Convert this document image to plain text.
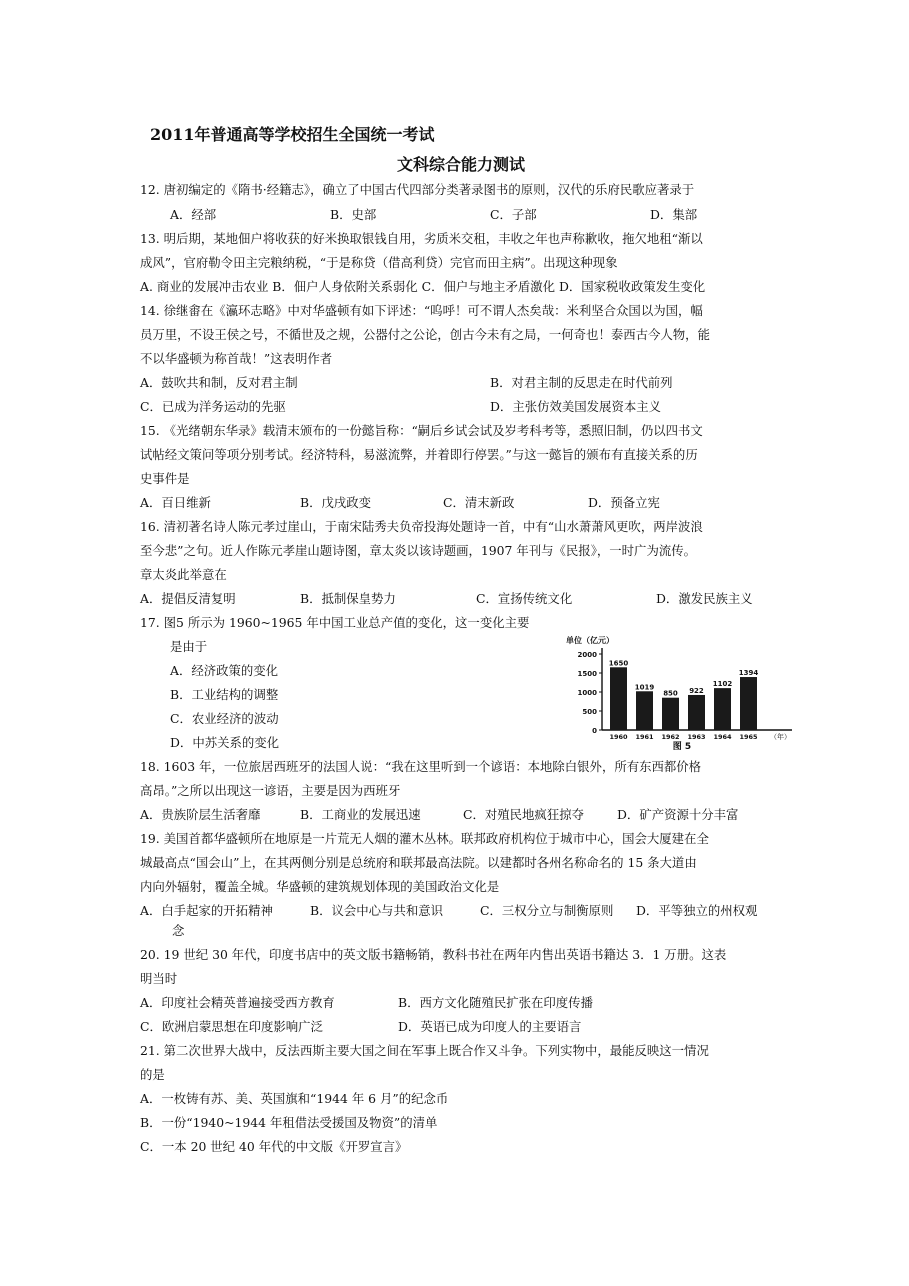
2011年普通高等学校招生全国统一考试
文科综合能力测试
12. 唐初编定的《隋书·经籍志》，确立了中国古代四部分类著录图书的原则，汉代的乐府民歌应著录于
A．经部	B．史部	C．子部	D．集部
13. 明后期，某地佃户将收获的好米换取银钱自用，劣质米交租，丰收之年也声称歉收，拖欠地租“渐以
成风”，官府勒令田主完粮纳税，“于是称贷（借高利贷）完官而田主病”。出现这种现象
A. 商业的发展冲击农业 B．佃户人身依附关系弱化 C．佃户与地主矛盾激化 D．国家税收政策发生变化
14. 徐继畬在《瀛环志略》中对华盛顿有如下评述：“呜呼！可不谓人杰矣哉：米利坚合众国以为国，幅
员万里，不设王侯之号，不循世及之规，公器付之公论，创古今未有之局，一何奇也！泰西古今人物，能
不以华盛顿为称首哉！”这表明作者
A．鼓吹共和制，反对君主制	B．对君主制的反思走在时代前列
C．已成为洋务运动的先驱	D．主张仿效美国发展资本主义
15. 《光绪朝东华录》载清末颁布的一份懿旨称：“嗣后乡试会试及岁考科考等，悉照旧制，仍以四书文
试帖经文策问等项分别考试。经济特科，易滋流弊，并着即行停罢。”与这一懿旨的颁布有直接关系的历
史事件是
A．百日维新	B．戊戌政变	C．清末新政	D．预备立宪
16. 清初著名诗人陈元孝过崖山，于南宋陆秀夫负帝投海处题诗一首，中有“山水萧萧风更吹，两岸波浪
至今悲”之句。近人作陈元孝崖山题诗图，章太炎以该诗题画，1907 年刊与《民报》，一时广为流传。
章太炎此举意在
A．提倡反清复明	B．抵制保皇势力	C．宣扬传统文化	D．激发民族主义
17. 图5 所示为 1960~1965 年中国工业总产值的变化，这一变化主要
是由于
A．经济政策的变化
B．工业结构的调整
C．农业经济的波动
D．中苏关系的变化
单位（亿元）
2000
1500
1000
500
0
1650
1960
1019
1961
850
1962
922
1963
1102
1964
1394
1965 （年）
图 5
18. 1603 年，一位旅居西班牙的法国人说：“我在这里听到一个谚语：本地除白银外，所有东西都价格
高昂。”之所以出现这一谚语，主要是因为西班牙
A．贵族阶层生活奢靡	B．工商业的发展迅速	C．对殖民地疯狂掠夺	D．矿产资源十分丰富
19. 美国首都华盛顿所在地原是一片荒无人烟的灌木丛林。联邦政府机构位于城市中心，国会大厦建在全
城最高点“国会山”上，在其两侧分别是总统府和联邦最高法院。以建都时各州名称命名的 15 条大道由
内向外辐射，覆盖全城。华盛顿的建筑规划体现的美国政治文化是
A．白手起家的开拓精神	B．议会中心与共和意识	C．三权分立与制衡原则 D．平等独立的州权观
念
20. 19 世纪 30 年代，印度书店中的英文版书籍畅销，教科书社在两年内售出英语书籍达 3．1 万册。这表
明当时
A．印度社会精英普遍接受西方教育	B．西方文化随殖民扩张在印度传播
C．欧洲启蒙思想在印度影响广泛	D．英语已成为印度人的主要语言
21. 第二次世界大战中，反法西斯主要大国之间在军事上既合作又斗争。下列实物中，最能反映这一情况
的是
A．一枚铸有苏、美、英国旗和“1944 年 6 月”的纪念币
B．一份“1940~1944 年租借法受援国及物资”的清单
C．一本 20 世纪 40 年代的中文版《开罗宣言》
